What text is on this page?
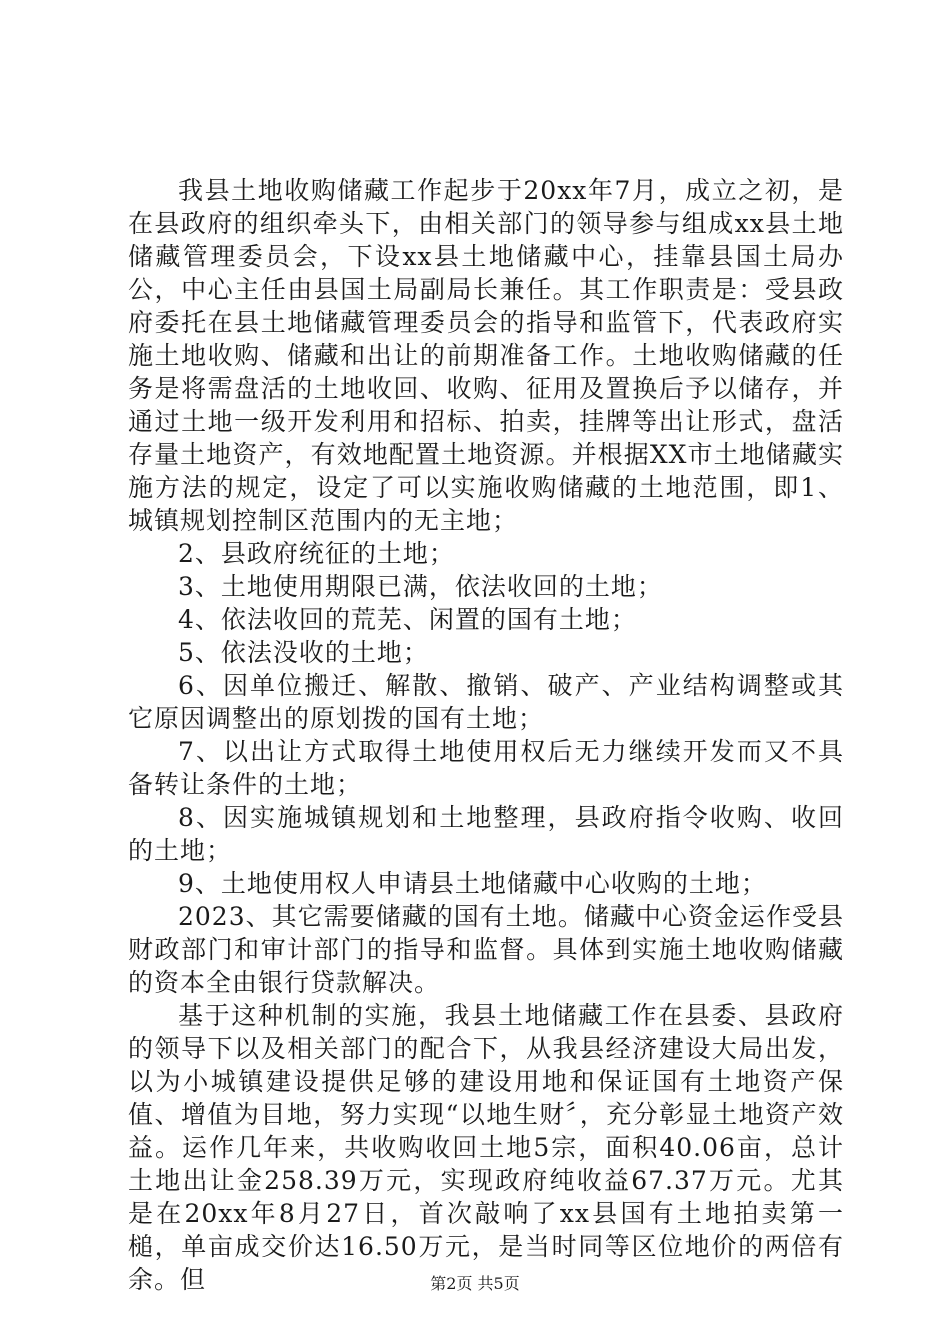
我县土地收购储藏工作起步于20xx年7月，成立之初，是在县政府的组织牵头下，由相关部门的领导参与组成xx县土地储藏管理委员会，下设xx县土地储藏中心，挂靠县国土局办公，中心主任由县国土局副局长兼任。其工作职责是：受县政府委托在县土地储藏管理委员会的指导和监管下，代表政府实施土地收购、储藏和出让的前期准备工作。土地收购储藏的任务是将需盘活的土地收回、收购、征用及置换后予以储存，并通过土地一级开发利用和招标、拍卖，挂牌等出让形式，盘活存量土地资产，有效地配置土地资源。并根据XX市土地储藏实施方法的规定，设定了可以实施收购储藏的土地范围，即1、城镇规划控制区范围内的无主地；

2、县政府统征的土地；

3、土地使用期限已满，依法收回的土地；

4、依法收回的荒芜、闲置的国有土地；

5、依法没收的土地；

6、因单位搬迁、解散、撤销、破产、产业结构调整或其它原因调整出的原划拨的国有土地；

7、以出让方式取得土地使用权后无力继续开发而又不具备转让条件的土地；

8、因实施城镇规划和土地整理，县政府指令收购、收回的土地；

9、土地使用权人申请县土地储藏中心收购的土地；

2023、其它需要储藏的国有土地。储藏中心资金运作受县财政部门和审计部门的指导和监督。具体到实施土地收购储藏的资本全由银行贷款解决。

基于这种机制的实施，我县土地储藏工作在县委、县政府的领导下以及相关部门的配合下，从我县经济建设大局出发，以为小城镇建设提供足够的建设用地和保证国有土地资产保值、增值为目地，努力实现“以地生财〞，充分彰显土地资产效益。运作几年来，共收购收回土地5宗，面积40.06亩，总计土地出让金258.39万元，实现政府纯收益67.37万元。尤其是在20xx年8月27日，首次敲响了xx县国有土地拍卖第一槌，单亩成交价达16.50万元，是当时同等区位地价的两倍有余。但	第2页 共5页
